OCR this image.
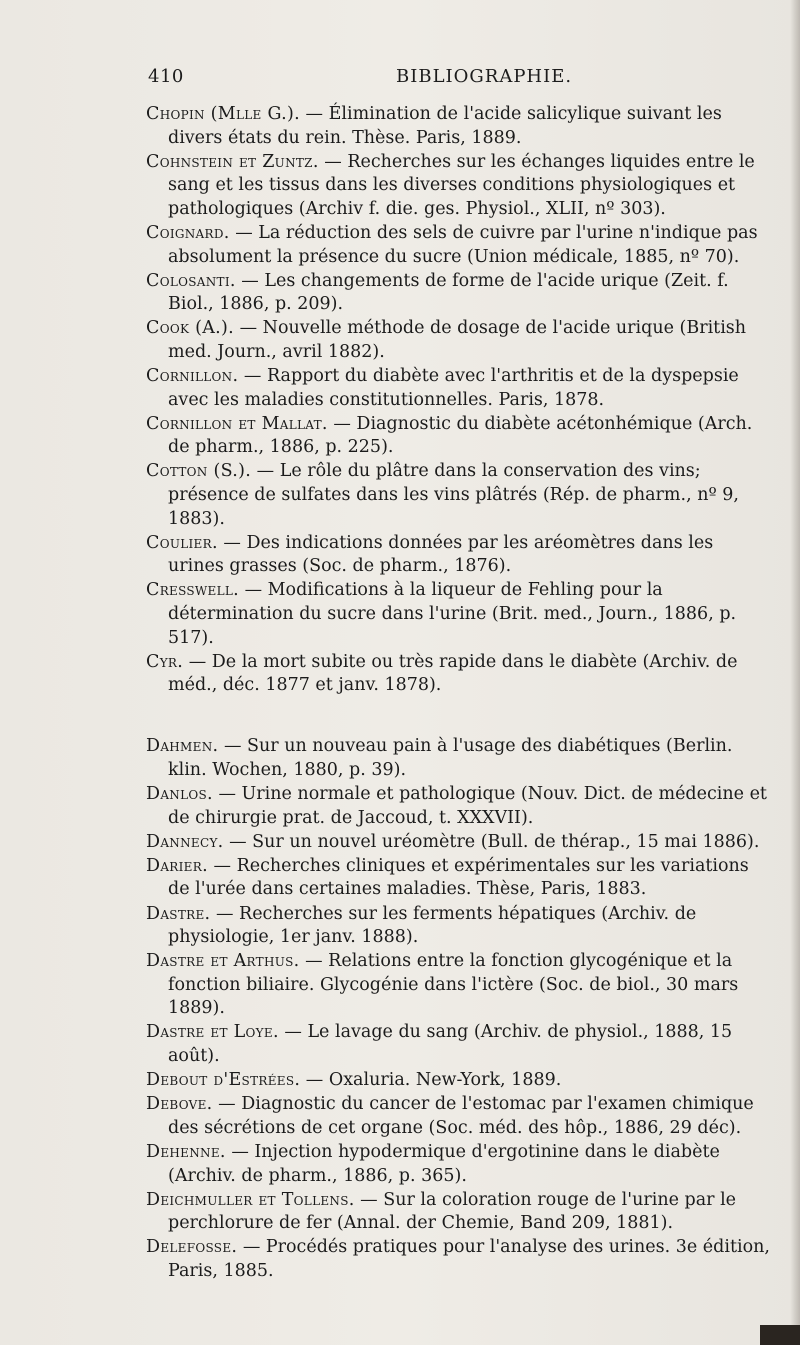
410	BIBLIOGRAPHIE.

Chopin (Mlle G.). — Élimination de l'acide salicylique suivant les divers états du rein. Thèse. Paris, 1889.

Cohnstein et Zuntz. — Recherches sur les échanges liquides entre le sang et les tissus dans les diverses conditions physiologiques et pathologiques (Archiv f. die. ges. Physiol., XLII, nº 303).

Coignard. — La réduction des sels de cuivre par l'urine n'indique pas absolument la présence du sucre (Union médicale, 1885, nº 70).

Colosanti. — Les changements de forme de l'acide urique (Zeit. f. Biol., 1886, p. 209).

Cook (A.). — Nouvelle méthode de dosage de l'acide urique (British med. Journ., avril 1882).

Cornillon. — Rapport du diabète avec l'arthritis et de la dyspepsie avec les maladies constitutionnelles. Paris, 1878.

Cornillon et Mallat. — Diagnostic du diabète acétonhémique (Arch. de pharm., 1886, p. 225).

Cotton (S.). — Le rôle du plâtre dans la conservation des vins; présence de sulfates dans les vins plâtrés (Rép. de pharm., nº 9, 1883).

Coulier. — Des indications données par les aréomètres dans les urines grasses (Soc. de pharm., 1876).

Cresswell. — Modifications à la liqueur de Fehling pour la détermination du sucre dans l'urine (Brit. med., Journ., 1886, p. 517).

Cyr. — De la mort subite ou très rapide dans le diabète (Archiv. de méd., déc. 1877 et janv. 1878).

Dahmen. — Sur un nouveau pain à l'usage des diabétiques (Berlin. klin. Wochen, 1880, p. 39).

Danlos. — Urine normale et pathologique (Nouv. Dict. de médecine et de chirurgie prat. de Jaccoud, t. XXXVII).

Dannecy. — Sur un nouvel uréomètre (Bull. de thérap., 15 mai 1886).

Darier. — Recherches cliniques et expérimentales sur les variations de l'urée dans certaines maladies. Thèse, Paris, 1883.

Dastre. — Recherches sur les ferments hépatiques (Archiv. de physiologie, 1er janv. 1888).

Dastre et Arthus. — Relations entre la fonction glycogénique et la fonction biliaire. Glycogénie dans l'ictère (Soc. de biol., 30 mars 1889).

Dastre et Loye. — Le lavage du sang (Archiv. de physiol., 1888, 15 août).

Debout d'Estrées. — Oxaluria. New-York, 1889.

Debove. — Diagnostic du cancer de l'estomac par l'examen chimique des sécrétions de cet organe (Soc. méd. des hôp., 1886, 29 déc).

Dehenne. — Injection hypodermique d'ergotinine dans le diabète (Archiv. de pharm., 1886, p. 365).

Deichmuller et Tollens. — Sur la coloration rouge de l'urine par le perchlorure de fer (Annal. der Chemie, Band 209, 1881).

Delefosse. — Procédés pratiques pour l'analyse des urines. 3e édition, Paris, 1885.
